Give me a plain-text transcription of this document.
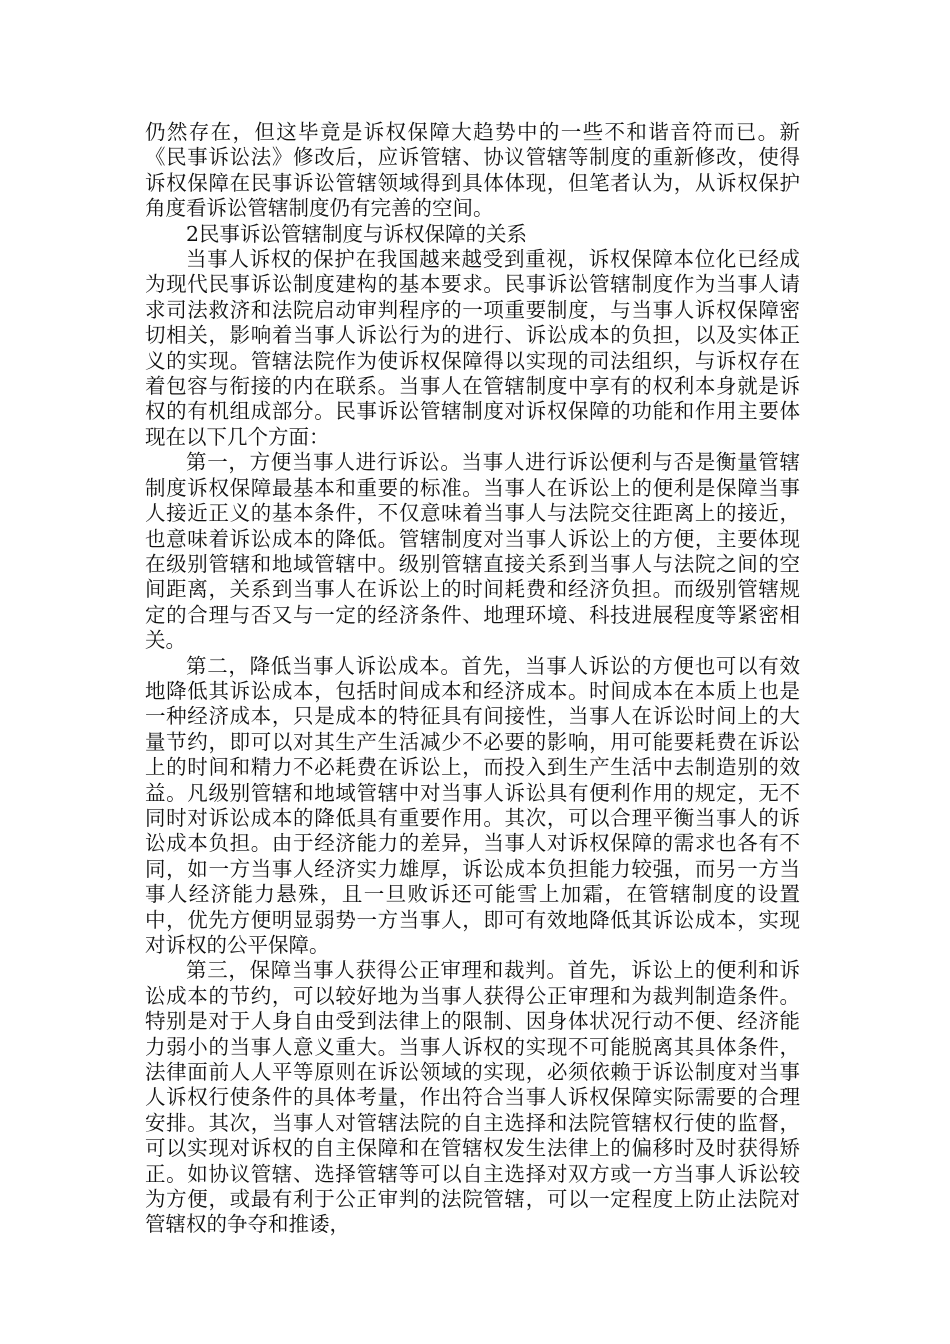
仍然存在，但这毕竟是诉权保障大趋势中的一些不和谐音符而已。新《民事诉讼法》修改后，应诉管辖、协议管辖等制度的重新修改，使得诉权保障在民事诉讼管辖领域得到具体体现，但笔者认为，从诉权保护角度看诉讼管辖制度仍有完善的空间。

2民事诉讼管辖制度与诉权保障的关系

当事人诉权的保护在我国越来越受到重视，诉权保障本位化已经成为现代民事诉讼制度建构的基本要求。民事诉讼管辖制度作为当事人请求司法救济和法院启动审判程序的一项重要制度，与当事人诉权保障密切相关，影响着当事人诉讼行为的进行、诉讼成本的负担，以及实体正义的实现。管辖法院作为使诉权保障得以实现的司法组织，与诉权存在着包容与衔接的内在联系。当事人在管辖制度中享有的权利本身就是诉权的有机组成部分。民事诉讼管辖制度对诉权保障的功能和作用主要体现在以下几个方面：

第一，方便当事人进行诉讼。当事人进行诉讼便利与否是衡量管辖制度诉权保障最基本和重要的标准。当事人在诉讼上的便利是保障当事人接近正义的基本条件，不仅意味着当事人与法院交往距离上的接近，也意味着诉讼成本的降低。管辖制度对当事人诉讼上的方便，主要体现在级别管辖和地域管辖中。级别管辖直接关系到当事人与法院之间的空间距离，关系到当事人在诉讼上的时间耗费和经济负担。而级别管辖规定的合理与否又与一定的经济条件、地理环境、科技进展程度等紧密相关。

第二，降低当事人诉讼成本。首先，当事人诉讼的方便也可以有效地降低其诉讼成本，包括时间成本和经济成本。时间成本在本质上也是一种经济成本，只是成本的特征具有间接性，当事人在诉讼时间上的大量节约，即可以对其生产生活减少不必要的影响，用可能要耗费在诉讼上的时间和精力不必耗费在诉讼上，而投入到生产生活中去制造别的效益。凡级别管辖和地域管辖中对当事人诉讼具有便利作用的规定，无不同时对诉讼成本的降低具有重要作用。其次，可以合理平衡当事人的诉讼成本负担。由于经济能力的差异，当事人对诉权保障的需求也各有不同，如一方当事人经济实力雄厚，诉讼成本负担能力较强，而另一方当事人经济能力悬殊，且一旦败诉还可能雪上加霜，在管辖制度的设置中，优先方便明显弱势一方当事人，即可有效地降低其诉讼成本，实现对诉权的公平保障。

第三，保障当事人获得公正审理和裁判。首先，诉讼上的便利和诉讼成本的节约，可以较好地为当事人获得公正审理和为裁判制造条件。特别是对于人身自由受到法律上的限制、因身体状况行动不便、经济能力弱小的当事人意义重大。当事人诉权的实现不可能脱离其具体条件，法律面前人人平等原则在诉讼领域的实现，必须依赖于诉讼制度对当事人诉权行使条件的具体考量，作出符合当事人诉权保障实际需要的合理安排。其次，当事人对管辖法院的自主选择和法院管辖权行使的监督，可以实现对诉权的自主保障和在管辖权发生法律上的偏移时及时获得矫正。如协议管辖、选择管辖等可以自主选择对双方或一方当事人诉讼较为方便，或最有利于公正审判的法院管辖，可以一定程度上防止法院对管辖权的争夺和推诿，
